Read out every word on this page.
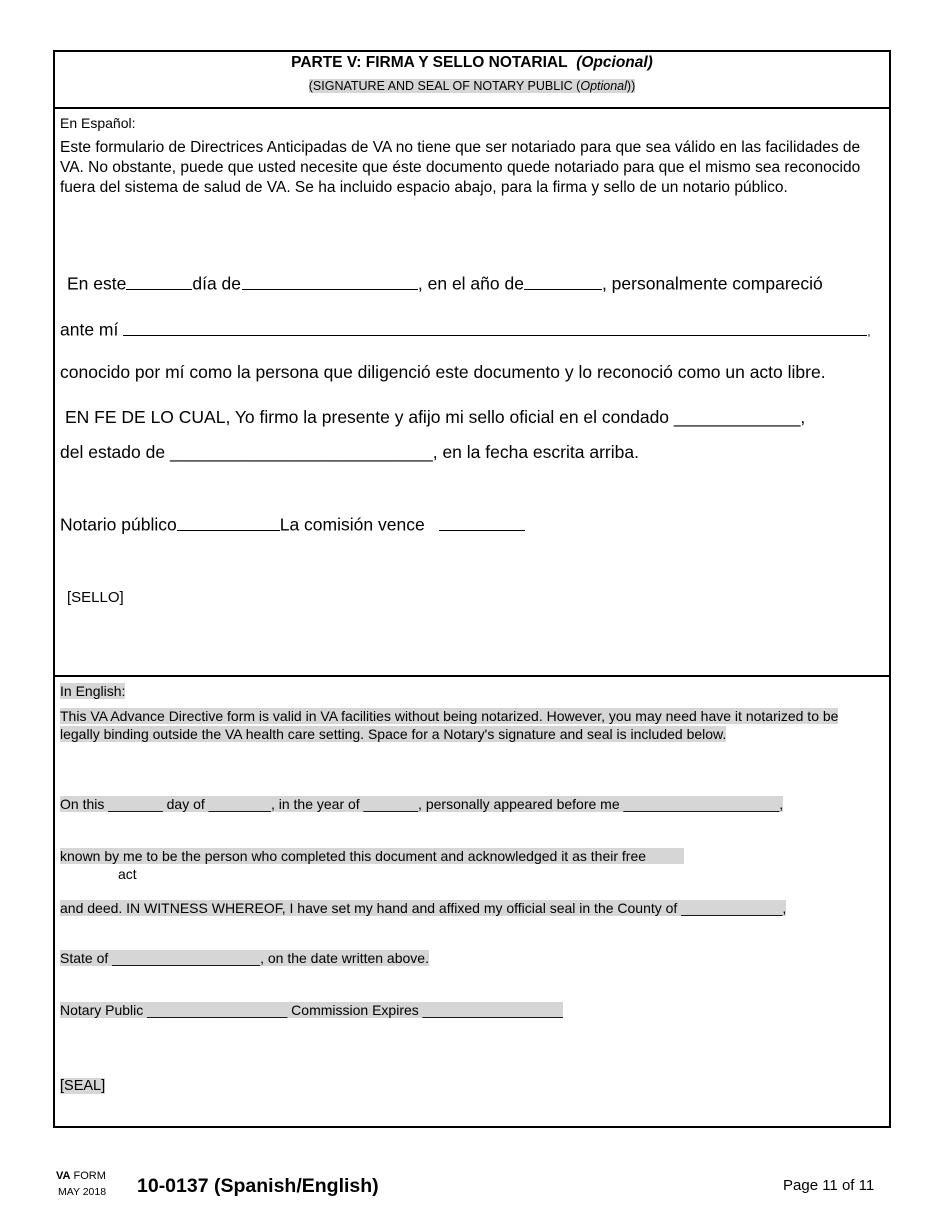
PARTE V: FIRMA Y SELLO NOTARIAL (Opcional)
(SIGNATURE AND SEAL OF NOTARY PUBLIC (Optional))
En Español:
Este formulario de Directrices Anticipadas de VA no tiene que ser notariado para que sea válido en las facilidades de VA. No obstante, puede que usted necesite que éste documento quede notariado para que el mismo sea reconocido fuera del sistema de salud de VA. Se ha incluido espacio abajo, para la firma y sello de un notario público.
En este	día de	, en el año de	, personalmente compareció
ante mí	,
conocido por mí como la persona que diligenció este documento y lo reconoció como un acto libre.
EN FE DE LO CUAL, Yo firmo la presente y afijo mi sello oficial en el condado _____________,
del estado de ___________________________, en la fecha escrita arriba.
Notario público	La comisión vence
[SELLO]
In English:
This VA Advance Directive form is valid in VA facilities without being notarized. However, you may need have it notarized to be legally binding outside the VA health care setting. Space for a Notary's signature and seal is included below.
On this _______ day of ________, in the year of _______, personally appeared before me ____________________,
known by me to be the person who completed this document and acknowledged it as their free
act
and deed. IN WITNESS WHEREOF, I have set my hand and affixed my official seal in the County of _____________,
State of ___________________, on the date written above.
Notary Public __________________ Commission Expires __________________
[SEAL]
VA FORM
MAY 2018 10-0137 (Spanish/English)	Page 11 of 11
